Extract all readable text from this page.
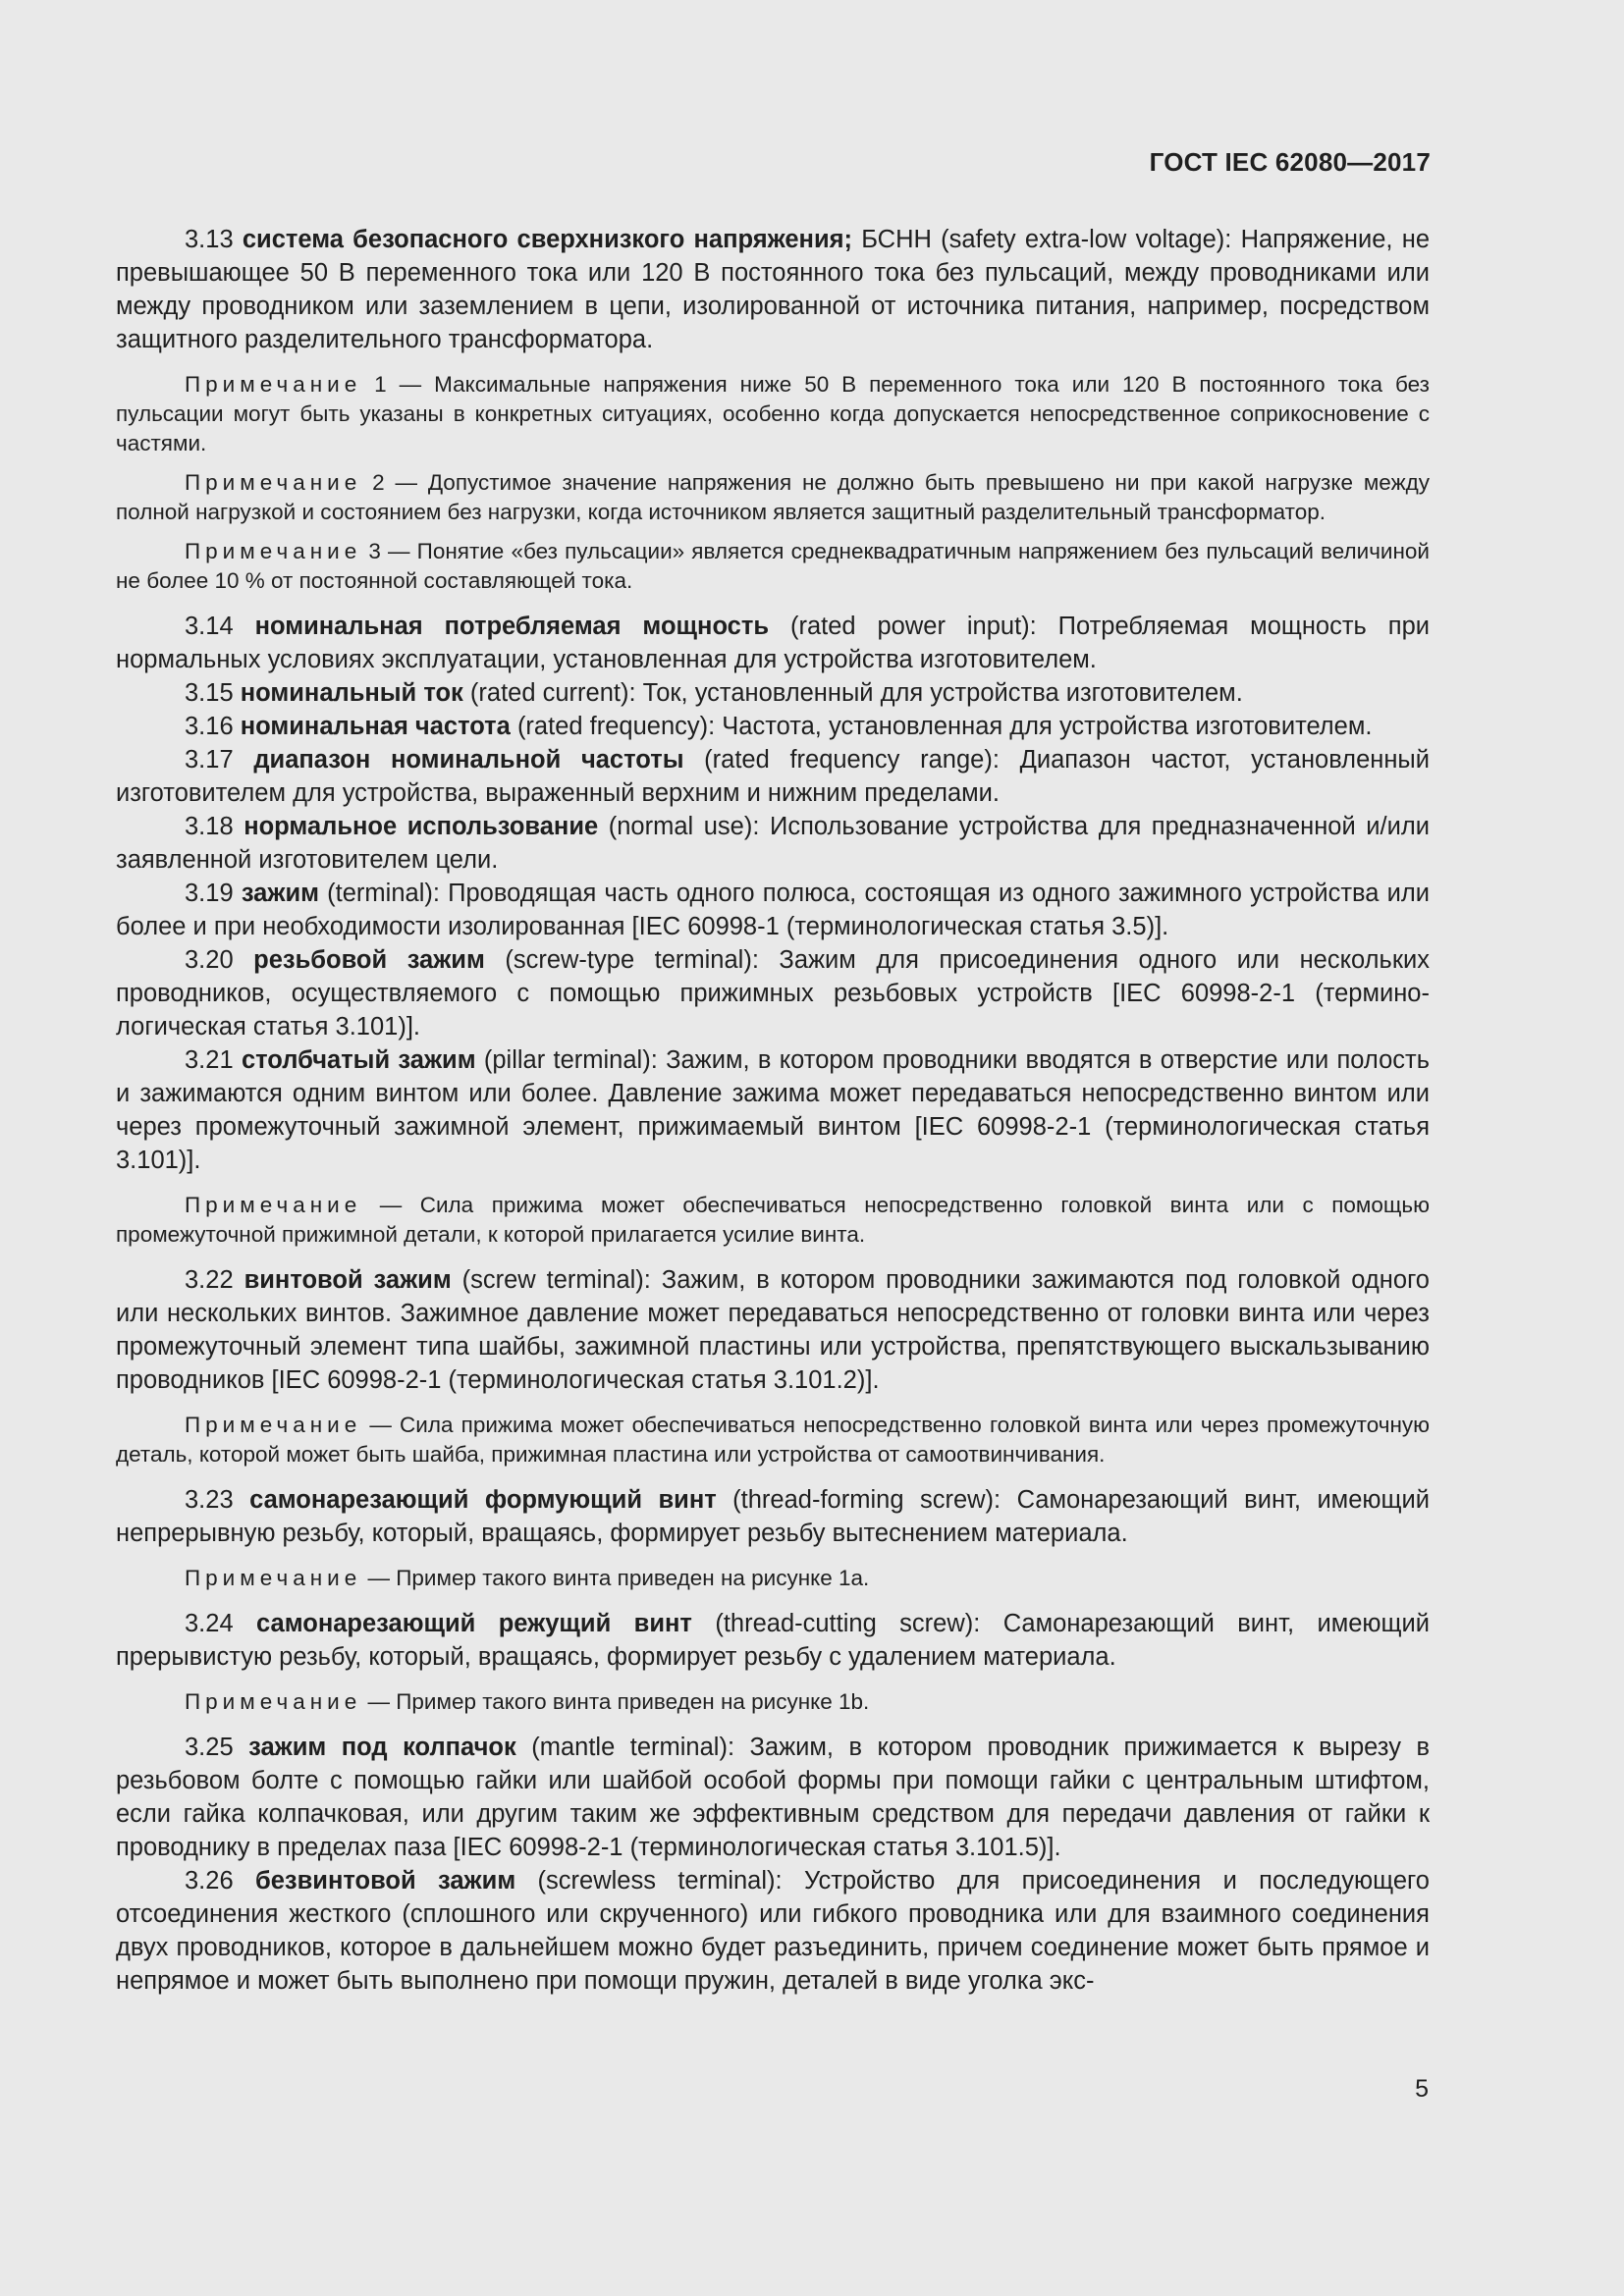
ГОСТ IEC 62080—2017

3.13 система безопасного сверхнизкого напряжения; БСНН (safety extra-low voltage): Напряжение, не превышающее 50 В переменного тока или 120 В постоянного тока без пульсаций, между проводниками или между проводником или заземлением в цепи, изолированной от источника питания, например, посредством защитного разделительного трансформатора.

Примечание 1 — Максимальные напряжения ниже 50 В переменного тока или 120 В постоянного тока без пульсации могут быть указаны в конкретных ситуациях, особенно когда допускается непосредственное соприкосновение с частями.

Примечание 2 — Допустимое значение напряжения не должно быть превышено ни при какой нагрузке между полной нагрузкой и состоянием без нагрузки, когда источником является защитный разделительный трансформатор.

Примечание 3 — Понятие «без пульсации» является среднеквадратичным напряжением без пульсаций величиной не более 10 % от постоянной составляющей тока.

3.14 номинальная потребляемая мощность (rated power input): Потребляемая мощность при нормальных условиях эксплуатации, установленная для устройства изготовителем.

3.15 номинальный ток (rated current): Ток, установленный для устройства изготовителем.

3.16 номинальная частота (rated frequency): Частота, установленная для устройства изготовителем.

3.17 диапазон номинальной частоты (rated frequency range): Диапазон частот, установленный изготовителем для устройства, выраженный верхним и нижним пределами.

3.18 нормальное использование (normal use): Использование устройства для предназначенной и/или заявленной изготовителем цели.

3.19 зажим (terminal): Проводящая часть одного полюса, состоящая из одного зажимного устройства или более и при необходимости изолированная [IEC 60998-1 (терминологическая статья 3.5)].

3.20 резьбовой зажим (screw-type terminal): Зажим для присоединения одного или нескольких проводников, осуществляемого с помощью прижимных резьбовых устройств [IEC 60998-2-1 (терминологическая статья 3.101)].

3.21 столбчатый зажим (pillar terminal): Зажим, в котором проводники вводятся в отверстие или полость и зажимаются одним винтом или более. Давление зажима может передаваться непосредственно винтом или через промежуточный зажимной элемент, прижимаемый винтом [IEC 60998-2-1 (терминологическая статья 3.101)].

Примечание — Сила прижима может обеспечиваться непосредственно головкой винта или с помощью промежуточной прижимной детали, к которой прилагается усилие винта.

3.22 винтовой зажим (screw terminal): Зажим, в котором проводники зажимаются под головкой одного или нескольких винтов. Зажимное давление может передаваться непосредственно от головки винта или через промежуточный элемент типа шайбы, зажимной пластины или устройства, препятствующего выскальзыванию проводников [IEC 60998-2-1 (терминологическая статья 3.101.2)].

Примечание — Сила прижима может обеспечиваться непосредственно головкой винта или через промежуточную деталь, которой может быть шайба, прижимная пластина или устройства от самоотвинчивания.

3.23 самонарезающий формующий винт (thread-forming screw): Самонарезающий винт, имеющий непрерывную резьбу, который, вращаясь, формирует резьбу вытеснением материала.

Примечание — Пример такого винта приведен на рисунке 1а.

3.24 самонарезающий режущий винт (thread-cutting screw): Самонарезающий винт, имеющий прерывистую резьбу, который, вращаясь, формирует резьбу с удалением материала.

Примечание — Пример такого винта приведен на рисунке 1b.

3.25 зажим под колпачок (mantle terminal): Зажим, в котором проводник прижимается к вырезу в резьбовом болте с помощью гайки или шайбой особой формы при помощи гайки с центральным штифтом, если гайка колпачковая, или другим таким же эффективным средством для передачи давления от гайки к проводнику в пределах паза [IEC 60998-2-1 (терминологическая статья 3.101.5)].

3.26 безвинтовой зажим (screwless terminal): Устройство для присоединения и последующего отсоединения жесткого (сплошного или скрученного) или гибкого проводника или для взаимного соединения двух проводников, которое в дальнейшем можно будет разъединить, причем соединение может быть прямое и непрямое и может быть выполнено при помощи пружин, деталей в виде уголка экс-

5
